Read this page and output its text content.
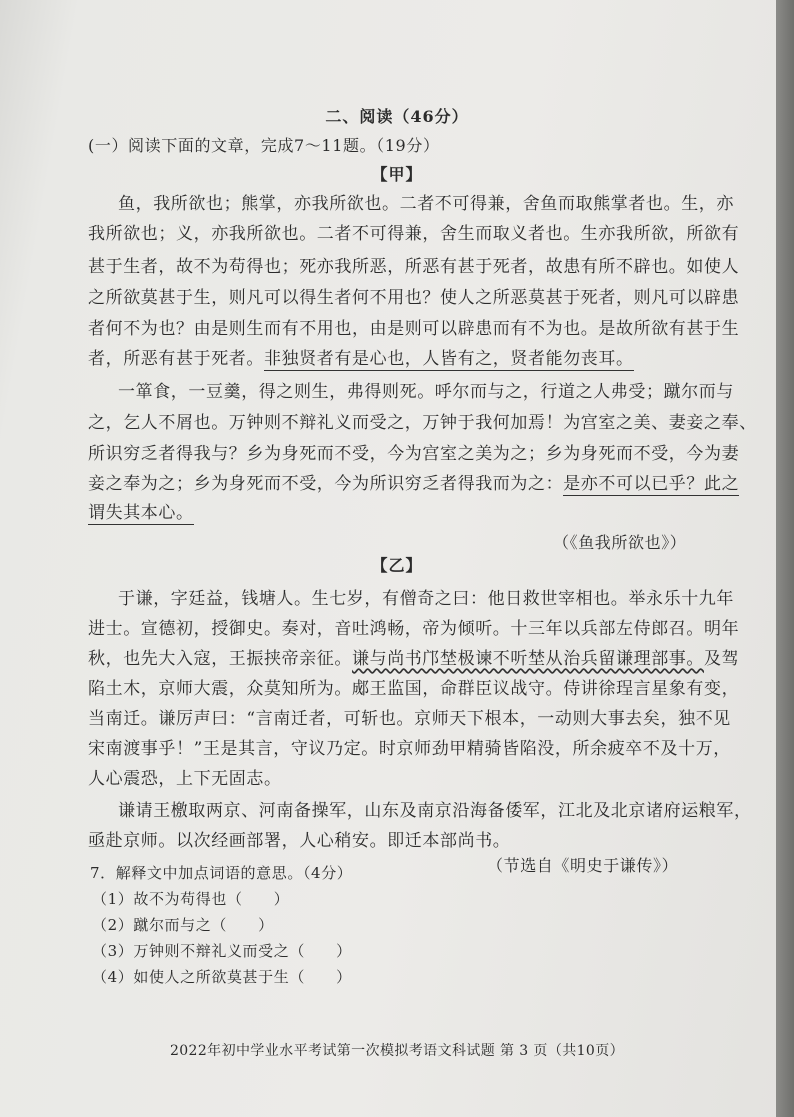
二、阅读（46分）
(一）阅读下面的文章，完成7～11题。（19分）
【甲】
鱼，我所欲也；熊掌，亦我所欲也。二者不可得兼，舍鱼而取熊掌者也。生，亦
我所欲也；义，亦我所欲也。二者不可得兼，舍生而取义者也。生亦我所欲，所欲有
甚于生者，故不为苟得也；死亦我所恶，所恶有甚于死者，故患有所不辟也。如使人
之所欲莫甚于生，则凡可以得生者何不用也？使人之所恶莫甚于死者，则凡可以辟患
者何不为也？由是则生而有不用也，由是则可以辟患而有不为也。是故所欲有甚于生
者，所恶有甚于死者。非独贤者有是心也，人皆有之，贤者能勿丧耳。
一箪食，一豆羹，得之则生，弗得则死。呼尔而与之，行道之人弗受；蹴尔而与
之，乞人不屑也。万钟则不辩礼义而受之，万钟于我何加焉！为宫室之美、妻妾之奉、
所识穷乏者得我与？乡为身死而不受，今为宫室之美为之；乡为身死而不受，今为妻
妾之奉为之；乡为身死而不受，今为所识穷乏者得我而为之：是亦不可以已乎？此之
谓失其本心。
（《鱼我所欲也》）
【乙】
于谦，字廷益，钱塘人。生七岁，有僧奇之曰：他日救世宰相也。举永乐十九年
进士。宣德初，授御史。奏对，音吐鸿畅，帝为倾听。十三年以兵部左侍郎召。明年
秋，也先大入寇，王振挟帝亲征。谦与尚书邝埜极谏不听埜从治兵留谦理部事。及驾
陷土木，京师大震，众莫知所为。郕王监国，命群臣议战守。侍讲徐珵言星象有变，
当南迁。谦厉声曰：“言南迁者，可斩也。京师天下根本，一动则大事去矣，独不见
宋南渡事乎！”王是其言，守议乃定。时京师劲甲精骑皆陷没，所余疲卒不及十万，
人心震恐，上下无固志。
谦请王檄取两京、河南备操军，山东及南京沿海备倭军，江北及北京诸府运粮军，
亟赴京师。以次经画部署，人心稍安。即迁本部尚书。
（节选自《明史于谦传》）
7．解释文中加点词语的意思。（4分）
（1）故不为苟得也（　　）
（2）蹴尔而与之（　　）
（3）万钟则不辩礼义而受之（　　）
（4）如使人之所欲莫甚于生（　　）
2022年初中学业水平考试第一次模拟考语文科试题 第 3 页（共10页）
